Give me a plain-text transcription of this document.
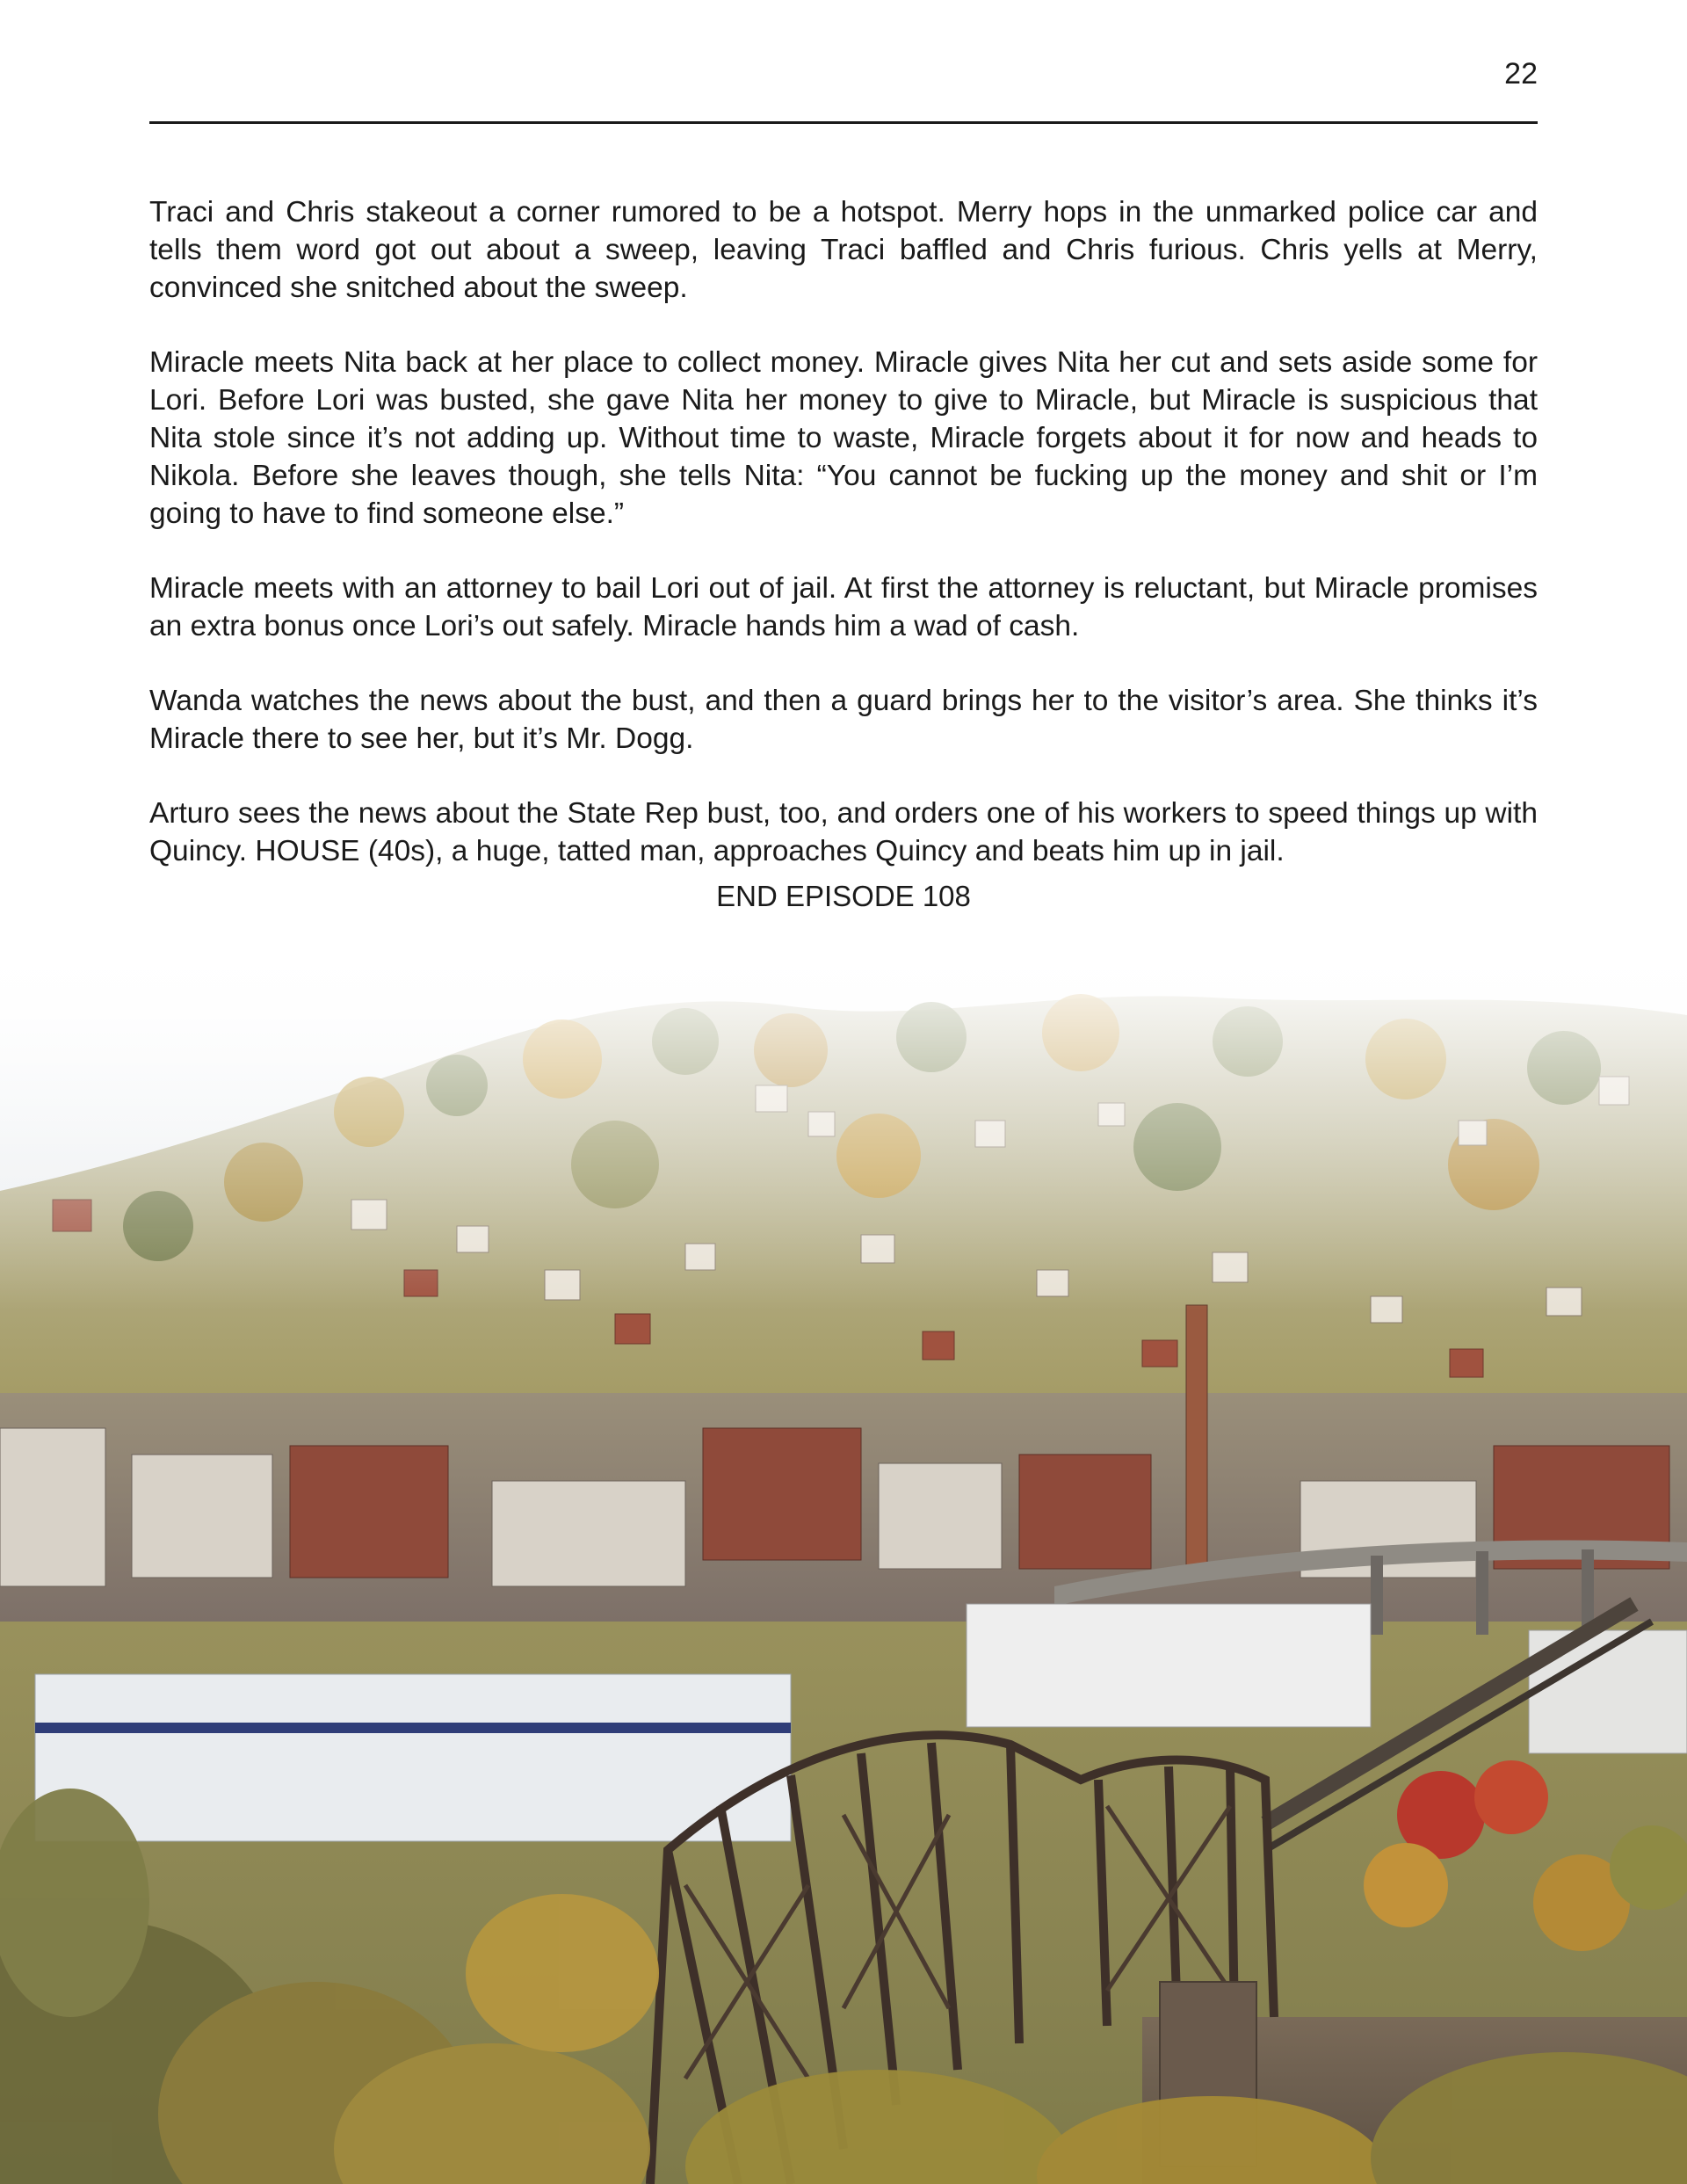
22

Traci and Chris stakeout a corner rumored to be a hotspot. Merry hops in the unmarked police car and tells them word got out about a sweep, leaving Traci baffled and Chris furious. Chris yells at Merry, convinced she snitched about the sweep.

Miracle meets Nita back at her place to collect money. Miracle gives Nita her cut and sets aside some for Lori. Before Lori was busted, she gave Nita her money to give to Miracle, but Miracle is suspicious that Nita stole since it’s not adding up. Without time to waste, Miracle forgets about it for now and heads to Nikola. Before she leaves though, she tells Nita: “You cannot be fucking up the money and shit or I’m going to have to find someone else.”

Miracle meets with an attorney to bail Lori out of jail. At first the attorney is reluctant, but Miracle promises an extra bonus once Lori’s out safely. Miracle hands him a wad of cash.

Wanda watches the news about the bust, and then a guard brings her to the visitor’s area. She thinks it’s Miracle there to see her, but it’s Mr. Dogg.

Arturo sees the news about the State Rep bust, too, and orders one of his workers to speed things up with Quincy. HOUSE (40s), a huge, tatted man, approaches Quincy and beats him up in jail.

END EPISODE 108
